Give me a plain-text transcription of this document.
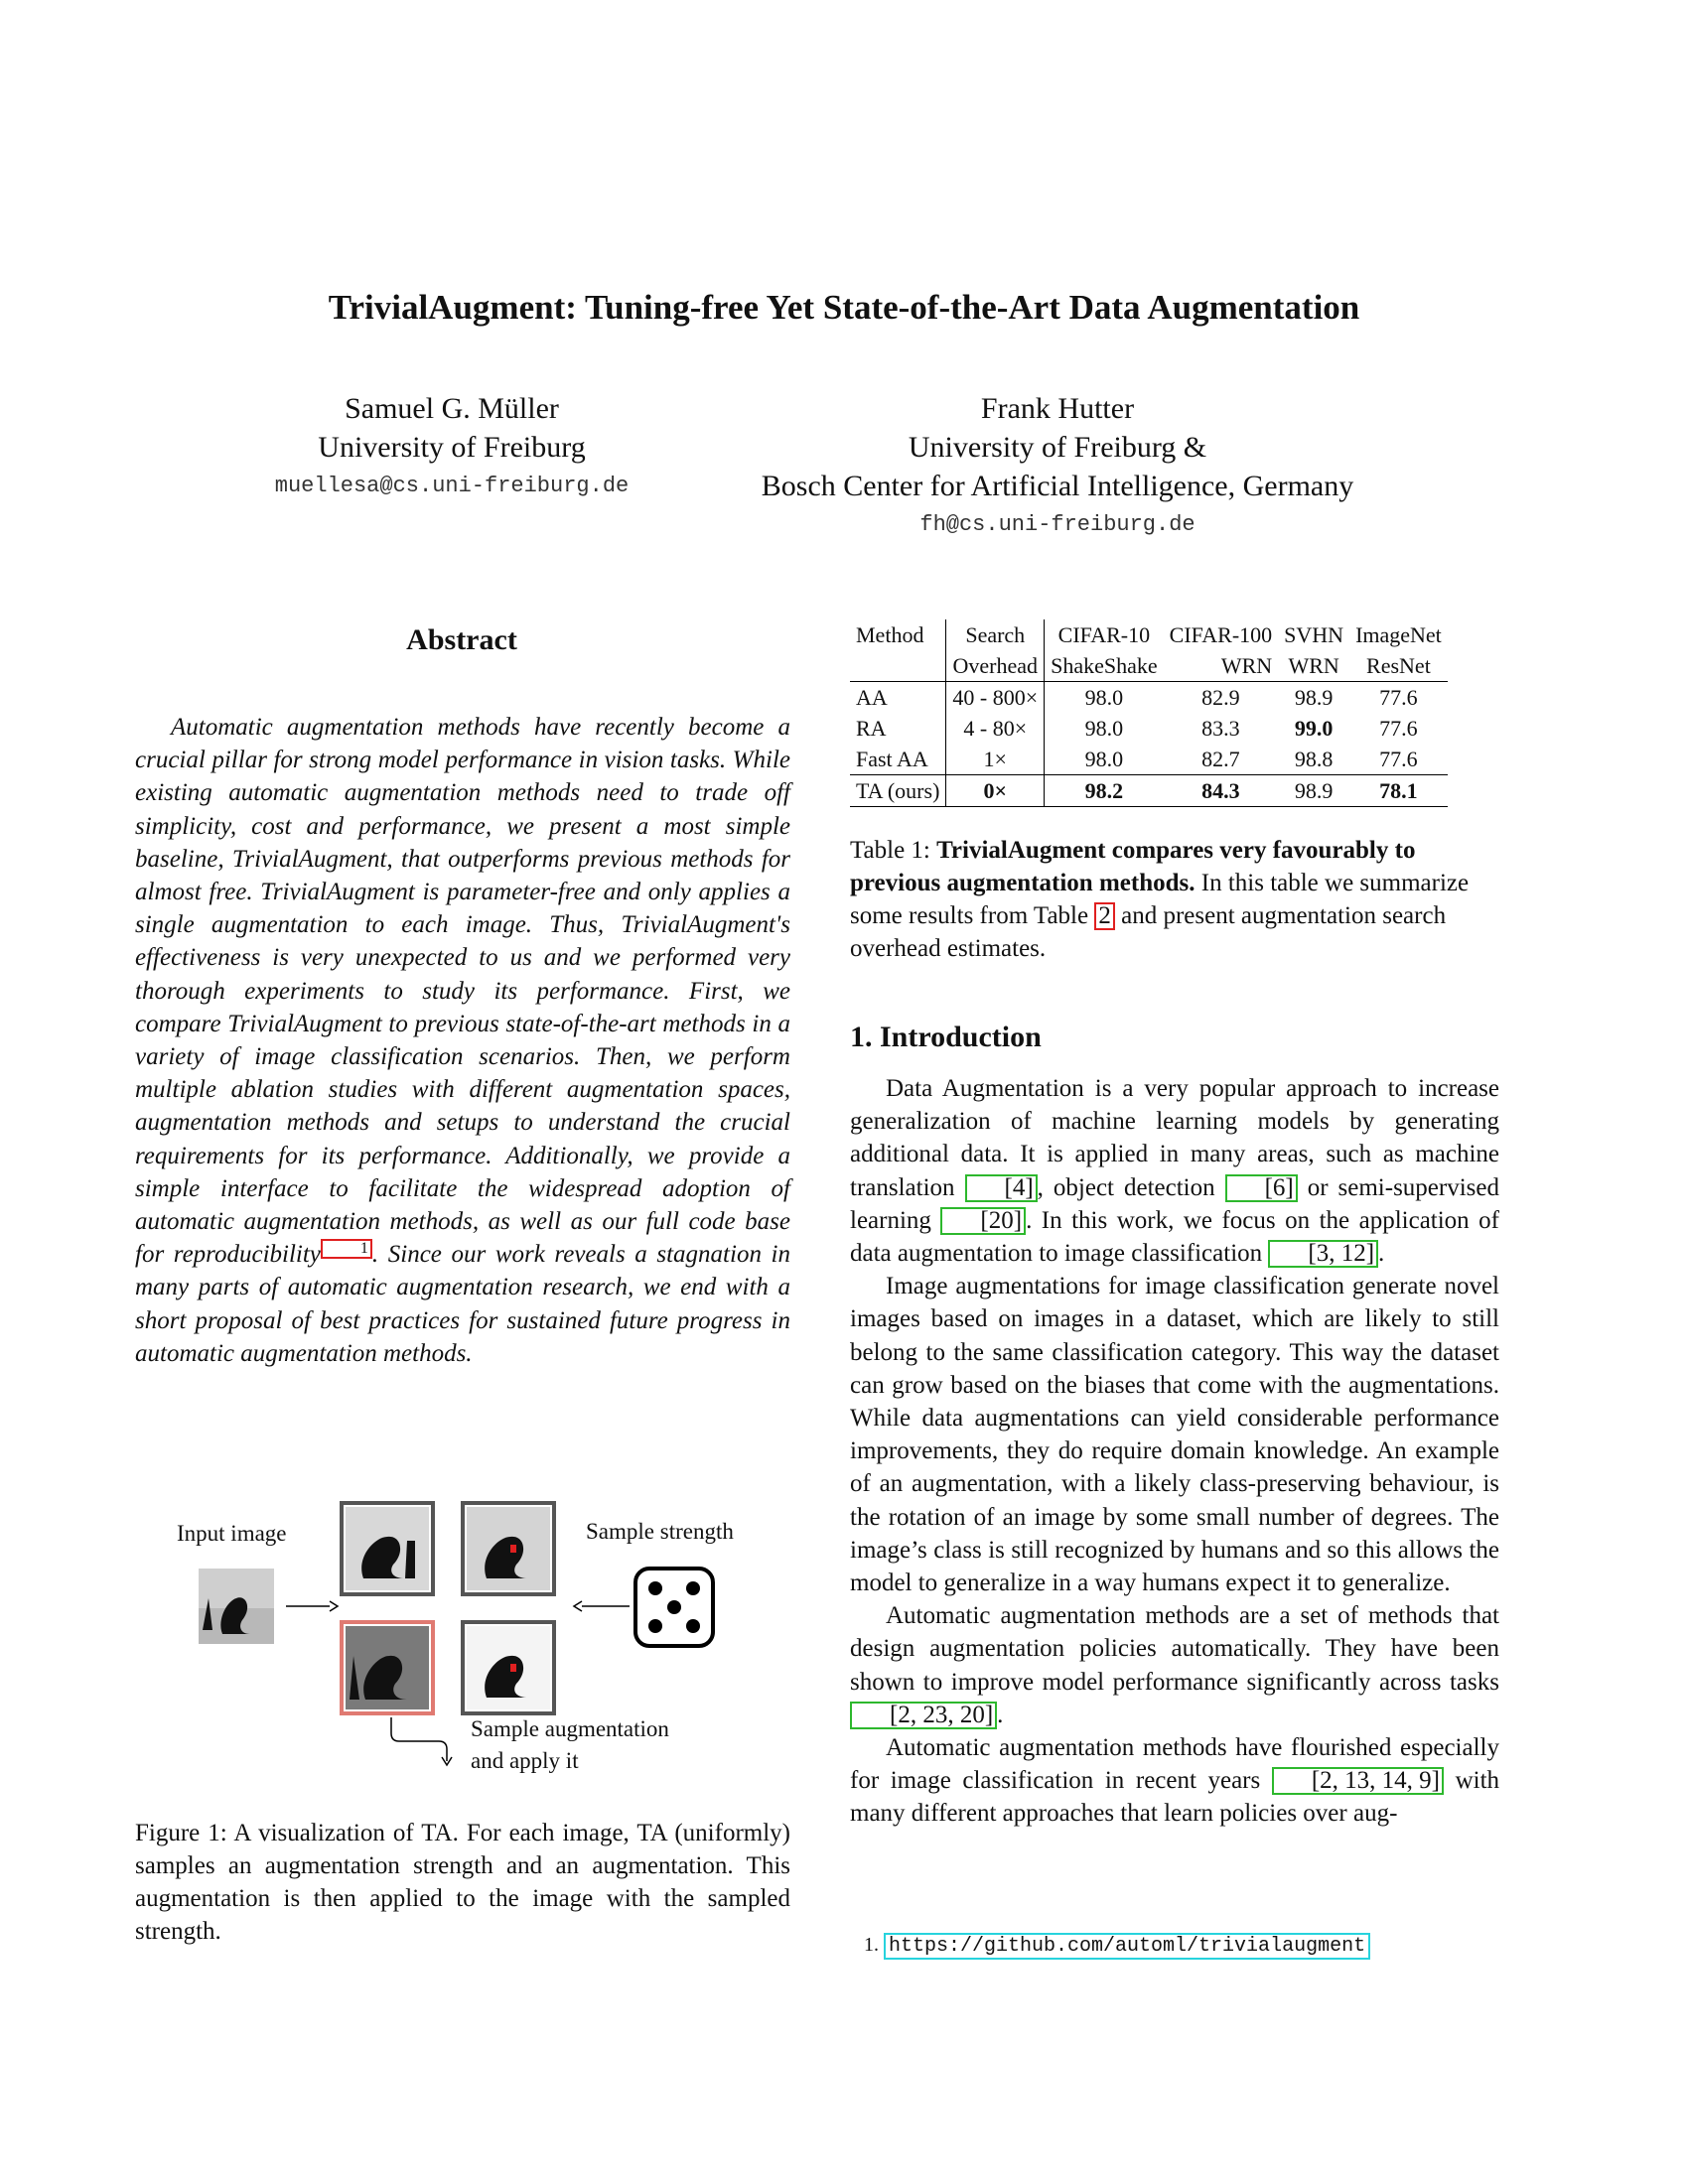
TrivialAugment: Tuning-free Yet State-of-the-Art Data Augmentation
Samuel G. Müller
University of Freiburg
muellesa@cs.uni-freiburg.de
Frank Hutter
University of Freiburg &
Bosch Center for Artificial Intelligence, Germany
fh@cs.uni-freiburg.de
Abstract
Automatic augmentation methods have recently become a crucial pillar for strong model performance in vision tasks. While existing automatic augmentation methods need to trade off simplicity, cost and performance, we present a most simple baseline, TrivialAugment, that outperforms previous methods for almost free. TrivialAugment is parameter-free and only applies a single augmentation to each image. Thus, TrivialAugment's effectiveness is very unexpected to us and we performed very thorough experiments to study its performance. First, we compare TrivialAugment to previous state-of-the-art methods in a variety of image classification scenarios. Then, we perform multiple ablation studies with different augmentation spaces, augmentation methods and setups to understand the crucial requirements for its performance. Additionally, we provide a simple interface to facilitate the widespread adoption of automatic augmentation methods, as well as our full code base for reproducibility	1 . Since our work reveals a stagnation in many parts of automatic augmentation research, we end with a short proposal of best practices for sustained future progress in automatic augmentation methods.
Input image	Sample strength
Sample augmentation
and apply it
Figure 1: A visualization of TA. For each image, TA (uniformly) samples an augmentation strength and an augmentation. This augmentation is then applied to the image with the sampled strength.
Method	Search	CIFAR-10	CIFAR-100	SVHN	ImageNet
	Overhead	ShakeShake	WRN	WRN	ResNet
AA	40 - 800×	98.0	82.9	98.9	77.6
RA	4 - 80×	98.0	83.3	99.0	77.6
Fast AA	1×	98.0	82.7	98.8	77.6
TA (ours)	0×	98.2	84.3	98.9	78.1
Table 1: TrivialAugment compares very favourably to previous augmentation methods. In this table we summarize some results from Table 2 and present augmentation search overhead estimates.
1. Introduction

Data Augmentation is a very popular approach to increase generalization of machine learning models by generating additional data. It is applied in many areas, such as machine translation [4] , object detection [6] or semi-supervised learning [20] . In this work, we focus on the application of data augmentation to image classification [3, 12] .

Image augmentations for image classification generate novel images based on images in a dataset, which are likely to still belong to the same classification category. This way the dataset can grow based on the biases that come with the augmentations. While data augmentations can yield considerable performance improvements, they do require domain knowledge. An example of an augmentation, with a likely class-preserving behaviour, is the rotation of an image by some small number of degrees. The image’s class is still recognized by humans and so this allows the model to generalize in a way humans expect it to generalize.

Automatic augmentation methods are a set of methods that design augmentation policies automatically. They have been shown to improve model performance significantly across tasks [2, 23, 20] .

Automatic augmentation methods have flourished especially for image classification in recent years [2, 13, 14, 9] with many different approaches that learn policies over aug-

1. https://github.com/automl/trivialaugment
